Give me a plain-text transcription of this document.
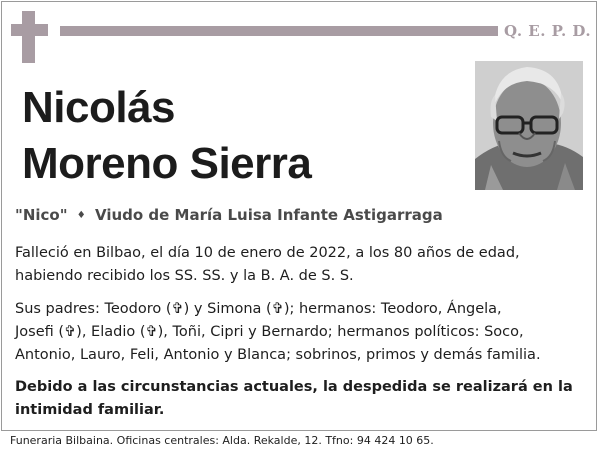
Q. E. P. D.
Nicolás
Moreno Sierra
"Nico" ♦ Viudo de María Luisa Infante Astigarraga
Falleció en Bilbao, el día 10 de enero de 2022, a los 80 años de edad,
habiendo recibido los SS. SS. y la B. A. de S. S.
Sus padres: Teodoro (✞) y Simona (✞); hermanos: Teodoro, Ángela,
Josefi (✞), Eladio (✞), Toñi, Cipri y Bernardo; hermanos políticos: Soco,
Antonio, Lauro, Feli, Antonio y Blanca; sobrinos, primos y demás familia.
Debido a las circunstancias actuales, la despedida se realizará en la
intimidad familiar.
Funeraria Bilbaina. Oficinas centrales: Alda. Rekalde, 12. Tfno: 94 424 10 65.
